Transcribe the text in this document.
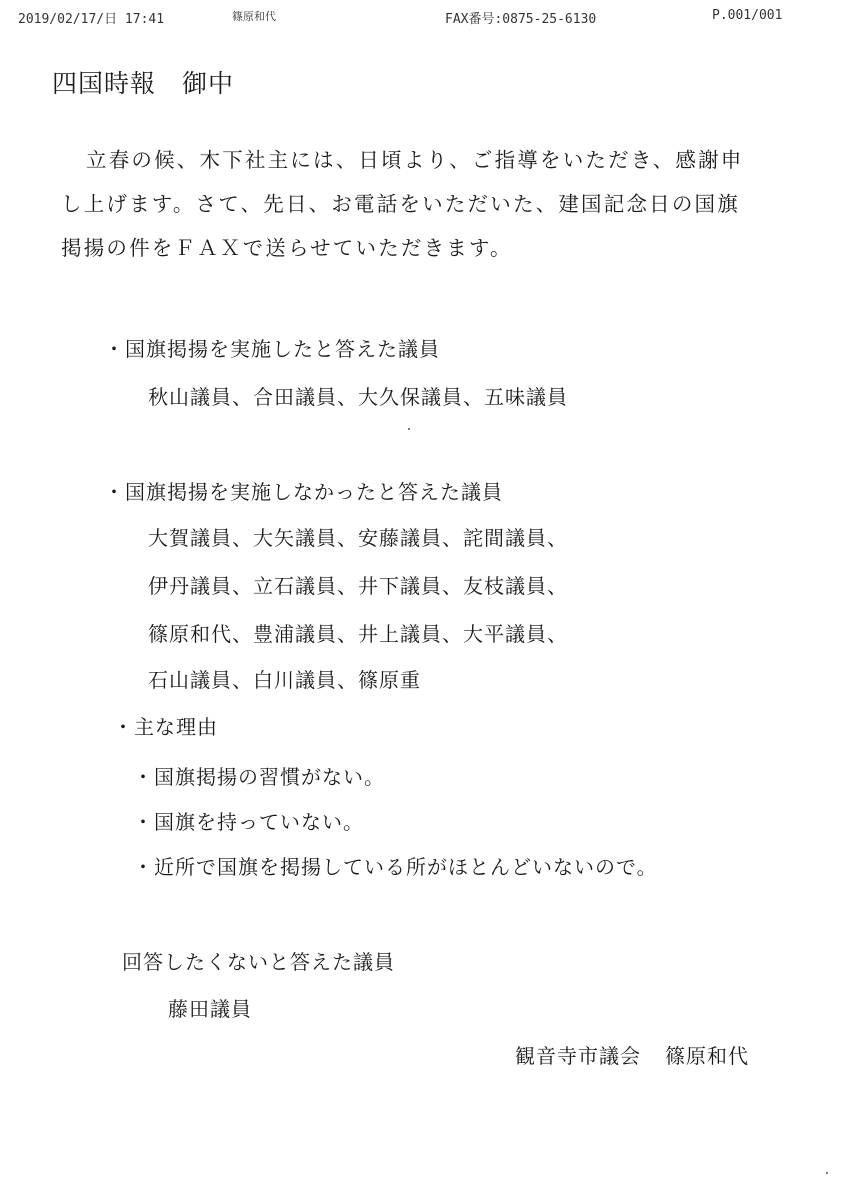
2019/02/17/日 17:41	篠原和代	FAX番号:0875-25-6130	P.001/001
四国時報 御中

立春の候、木下社主には、日頃より、ご指導をいただき、感謝申

し上げます。さて、先日、お電話をいただいた、建国記念日の国旗

掲揚の件をＦＡＸで送らせていただきます。

・国旗掲揚を実施したと答えた議員
秋山議員、合田議員、大久保議員、五味議員
・国旗掲揚を実施しなかったと答えた議員
大賀議員、大矢議員、安藤議員、詫間議員、
伊丹議員、立石議員、井下議員、友枝議員、
篠原和代、豊浦議員、井上議員、大平議員、
石山議員、白川議員、篠原重
・主な理由
・国旗掲揚の習慣がない。
・国旗を持っていない。
・近所で国旗を掲揚している所がほとんどいないので。
回答したくないと答えた議員
藤田議員
観音寺市議会 篠原和代
